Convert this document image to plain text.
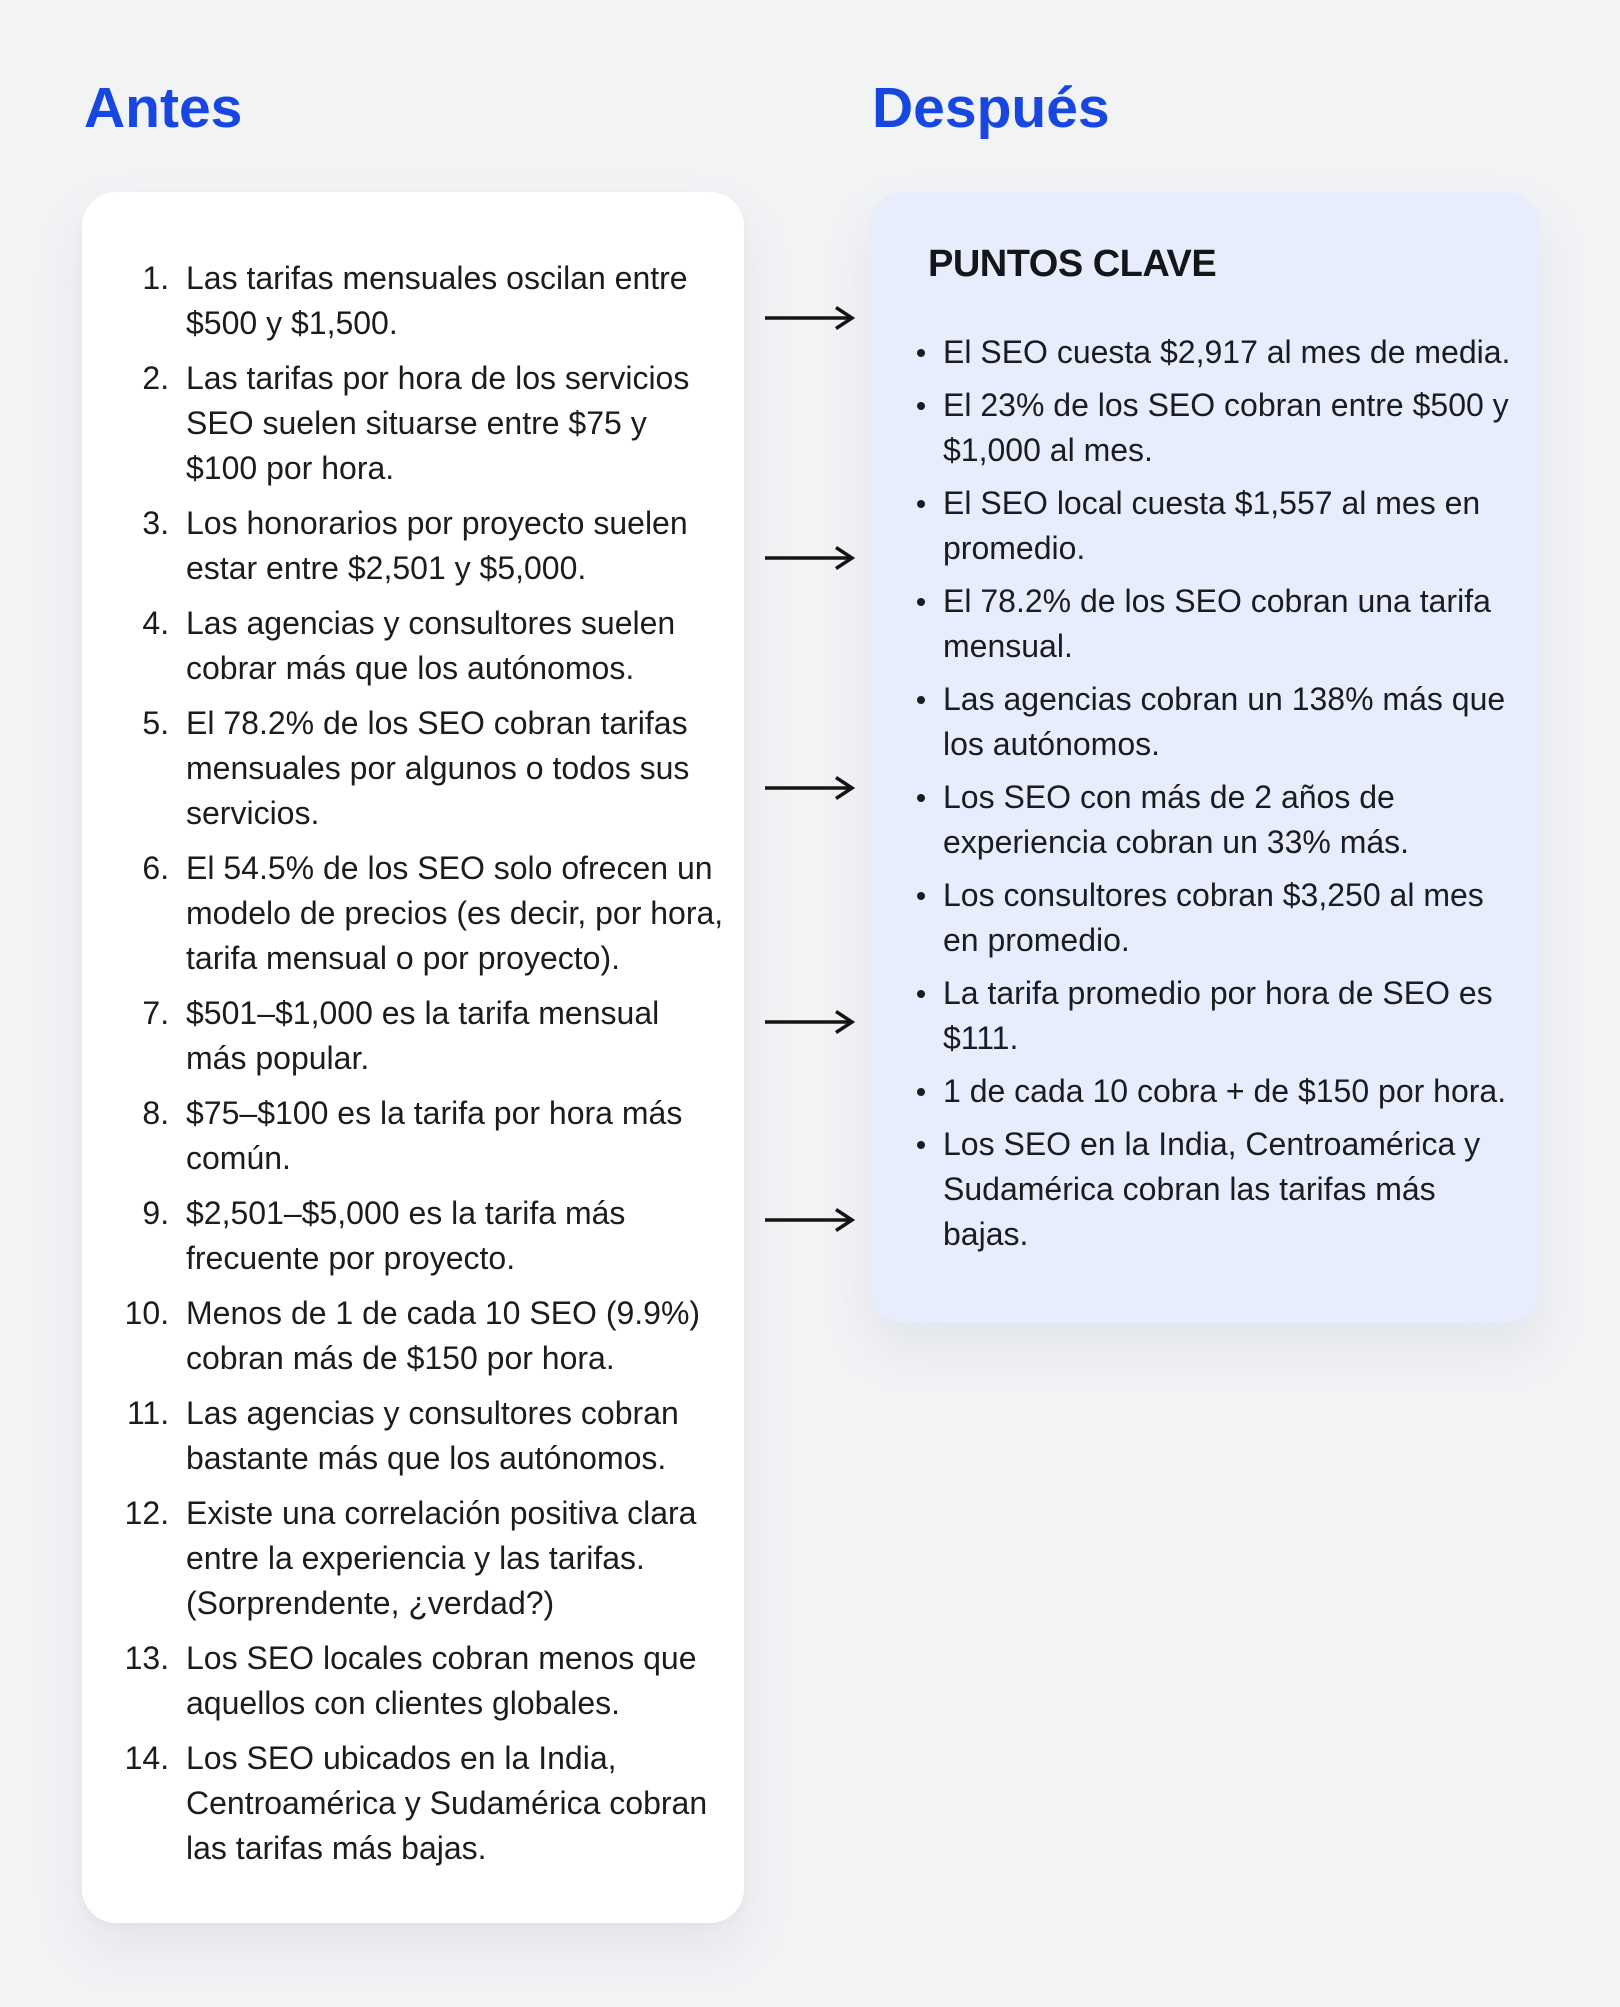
Antes	Después
1. Las tarifas mensuales oscilan entre $500 y $1,500.
2. Las tarifas por hora de los servicios SEO suelen situarse entre $75 y $100 por hora.
3. Los honorarios por proyecto suelen estar entre $2,501 y $5,000.
4. Las agencias y consultores suelen cobrar más que los autónomos.
5. El 78.2% de los SEO cobran tarifas mensuales por algunos o todos sus servicios.
6. El 54.5% de los SEO solo ofrecen un modelo de precios (es decir, por hora, tarifa mensual o por proyecto).
7. $501–$1,000 es la tarifa mensual más popular.
8. $75–$100 es la tarifa por hora más común.
9. $2,501–$5,000 es la tarifa más frecuente por proyecto.
10. Menos de 1 de cada 10 SEO (9.9%) cobran más de $150 por hora.
11. Las agencias y consultores cobran bastante más que los autónomos.
12. Existe una correlación positiva clara entre la experiencia y las tarifas. (Sorprendente, ¿verdad?)
13. Los SEO locales cobran menos que aquellos con clientes globales.
14. Los SEO ubicados en la India, Centroamérica y Sudamérica cobran las tarifas más bajas.
PUNTOS CLAVE
El SEO cuesta $2,917 al mes de media.
El 23% de los SEO cobran entre $500 y $1,000 al mes.
El SEO local cuesta $1,557 al mes en promedio.
El 78.2% de los SEO cobran una tarifa mensual.
Las agencias cobran un 138% más que los autónomos.
Los SEO con más de 2 años de experiencia cobran un 33% más.
Los consultores cobran $3,250 al mes en promedio.
La tarifa promedio por hora de SEO es $111.
1 de cada 10 cobra + de $150 por hora.
Los SEO en la India, Centroamérica y Sudamérica cobran las tarifas más bajas.
